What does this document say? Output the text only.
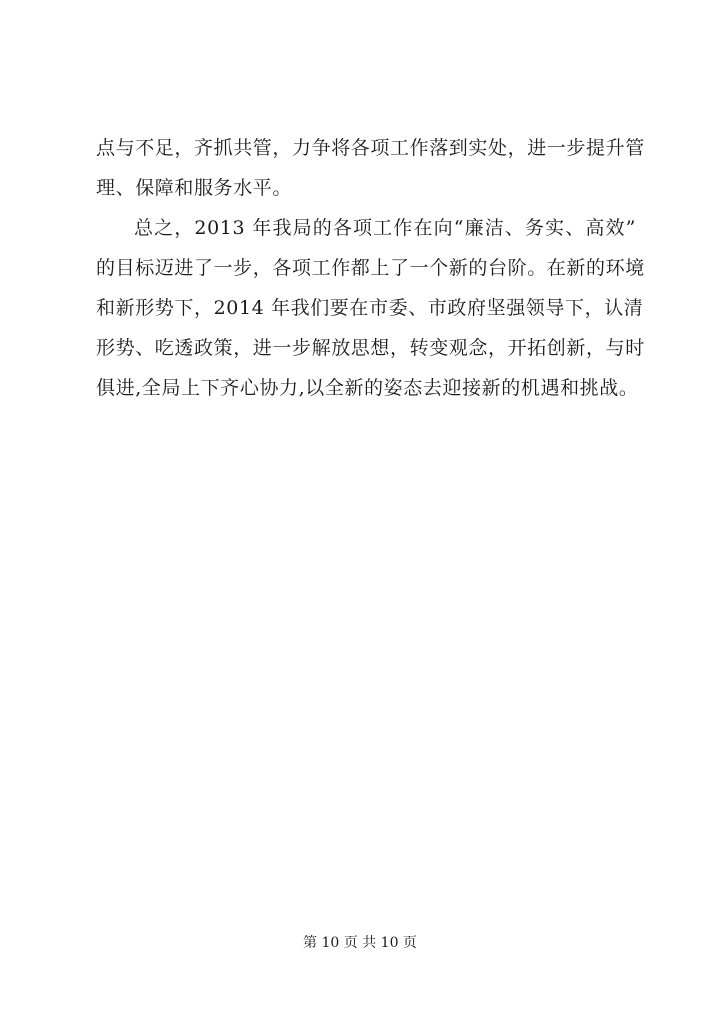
点与不足，齐抓共管，力争将各项工作落到实处，进一步提升管
理、保障和服务水平。

总之，2013 年我局的各项工作在向“廉洁、务实、高效”
的目标迈进了一步，各项工作都上了一个新的台阶。在新的环境
和新形势下，2014 年我们要在市委、市政府坚强领导下，认清
形势、吃透政策，进一步解放思想，转变观念，开拓创新，与时
俱进,全局上下齐心协力,以全新的姿态去迎接新的机遇和挑战。

第 10 页 共 10 页
